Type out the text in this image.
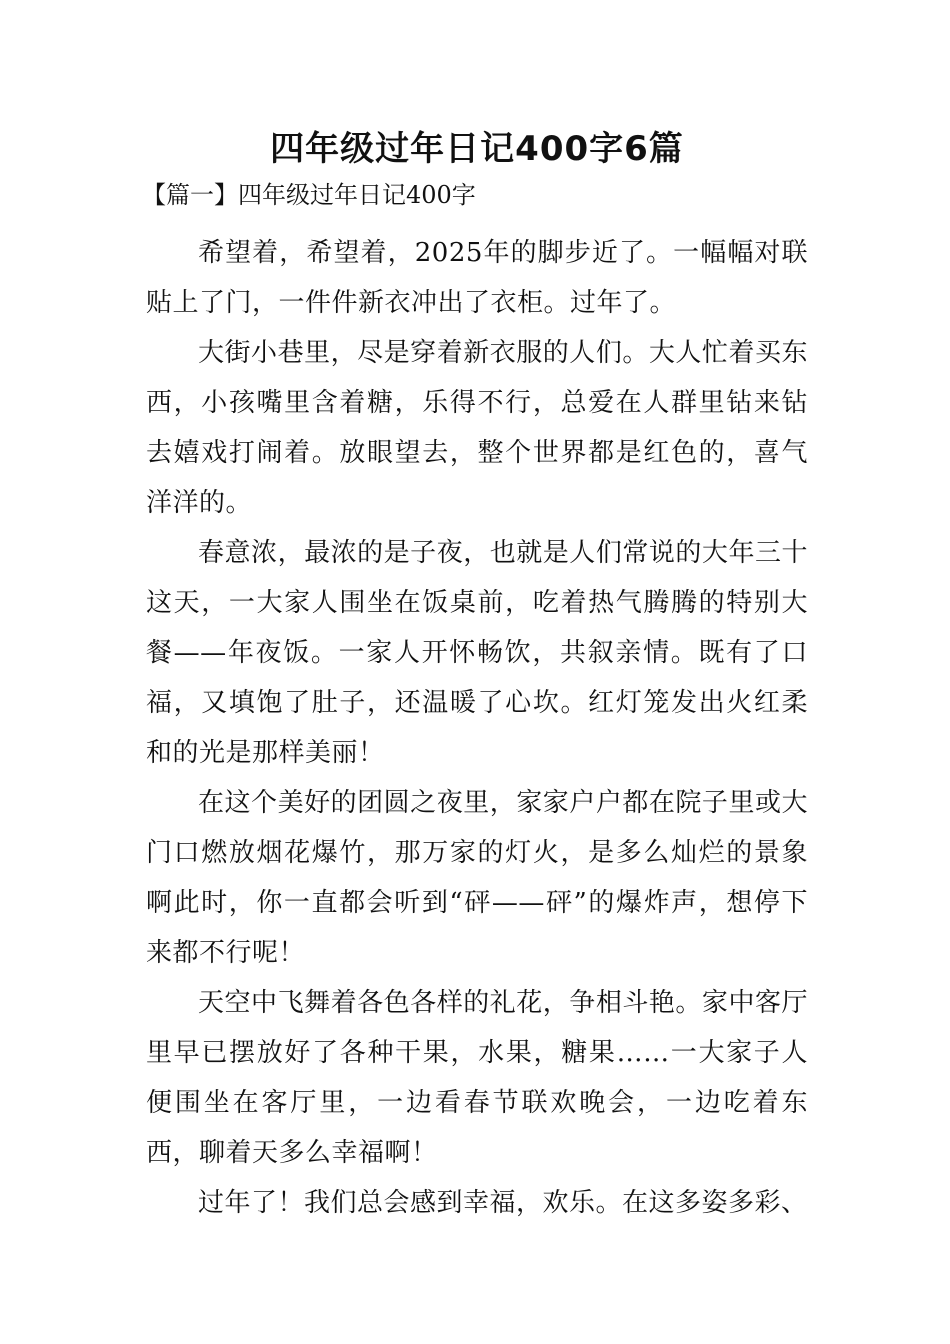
四年级过年日记400字6篇
【篇一】四年级过年日记400字

希望着，希望着，2025年的脚步近了。一幅幅对联贴上了门，一件件新衣冲出了衣柜。过年了。

大街小巷里，尽是穿着新衣服的人们。大人忙着买东西，小孩嘴里含着糖，乐得不行，总爱在人群里钻来钻去嬉戏打闹着。放眼望去，整个世界都是红色的，喜气洋洋的。

春意浓，最浓的是子夜，也就是人们常说的大年三十这天，一大家人围坐在饭桌前，吃着热气腾腾的特别大餐——年夜饭。一家人开怀畅饮，共叙亲情。既有了口福，又填饱了肚子，还温暖了心坎。红灯笼发出火红柔和的光是那样美丽！

在这个美好的团圆之夜里，家家户户都在院子里或大门口燃放烟花爆竹，那万家的灯火，是多么灿烂的景象啊此时，你一直都会听到“砰——砰”的爆炸声，想停下来都不行呢！

天空中飞舞着各色各样的礼花，争相斗艳。家中客厅里早已摆放好了各种干果，水果，糖果……一大家子人便围坐在客厅里，一边看春节联欢晚会，一边吃着东西，聊着天多么幸福啊！

过年了！我们总会感到幸福，欢乐。在这多姿多彩、
